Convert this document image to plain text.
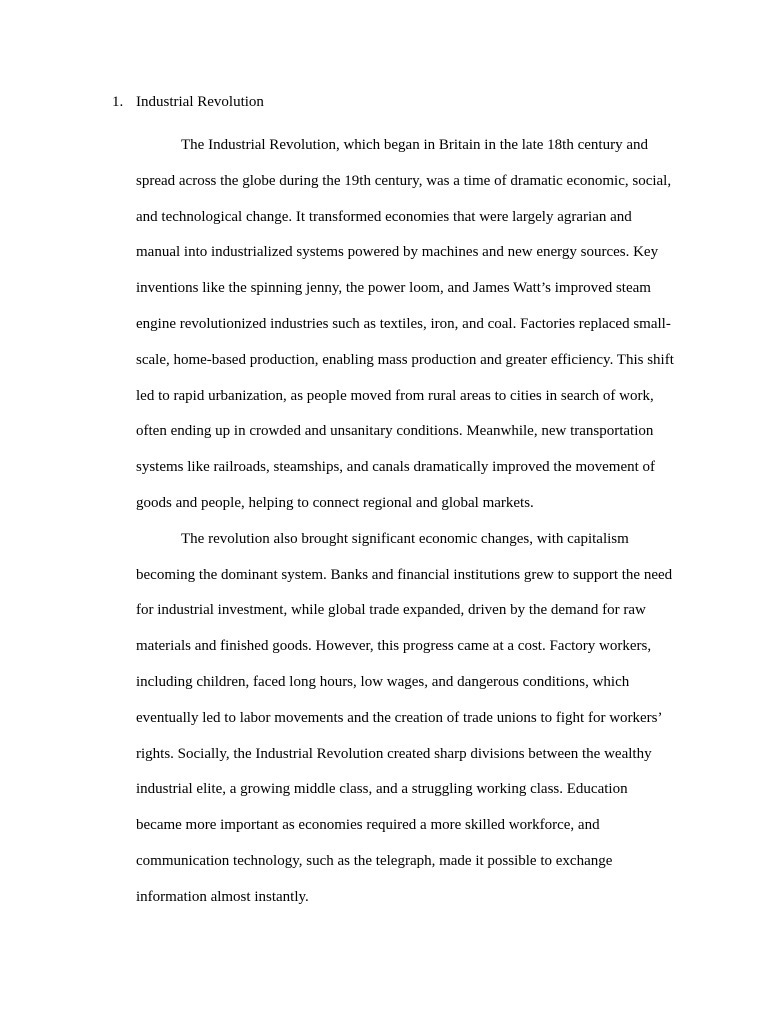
1. Industrial Revolution

The Industrial Revolution, which began in Britain in the late 18th century and
spread across the globe during the 19th century, was a time of dramatic economic, social,
and technological change. It transformed economies that were largely agrarian and
manual into industrialized systems powered by machines and new energy sources. Key
inventions like the spinning jenny, the power loom, and James Watt’s improved steam
engine revolutionized industries such as textiles, iron, and coal. Factories replaced small-
scale, home-based production, enabling mass production and greater efficiency. This shift
led to rapid urbanization, as people moved from rural areas to cities in search of work,
often ending up in crowded and unsanitary conditions. Meanwhile, new transportation
systems like railroads, steamships, and canals dramatically improved the movement of
goods and people, helping to connect regional and global markets.

The revolution also brought significant economic changes, with capitalism
becoming the dominant system. Banks and financial institutions grew to support the need
for industrial investment, while global trade expanded, driven by the demand for raw
materials and finished goods. However, this progress came at a cost. Factory workers,
including children, faced long hours, low wages, and dangerous conditions, which
eventually led to labor movements and the creation of trade unions to fight for workers’
rights. Socially, the Industrial Revolution created sharp divisions between the wealthy
industrial elite, a growing middle class, and a struggling working class. Education
became more important as economies required a more skilled workforce, and
communication technology, such as the telegraph, made it possible to exchange
information almost instantly.
